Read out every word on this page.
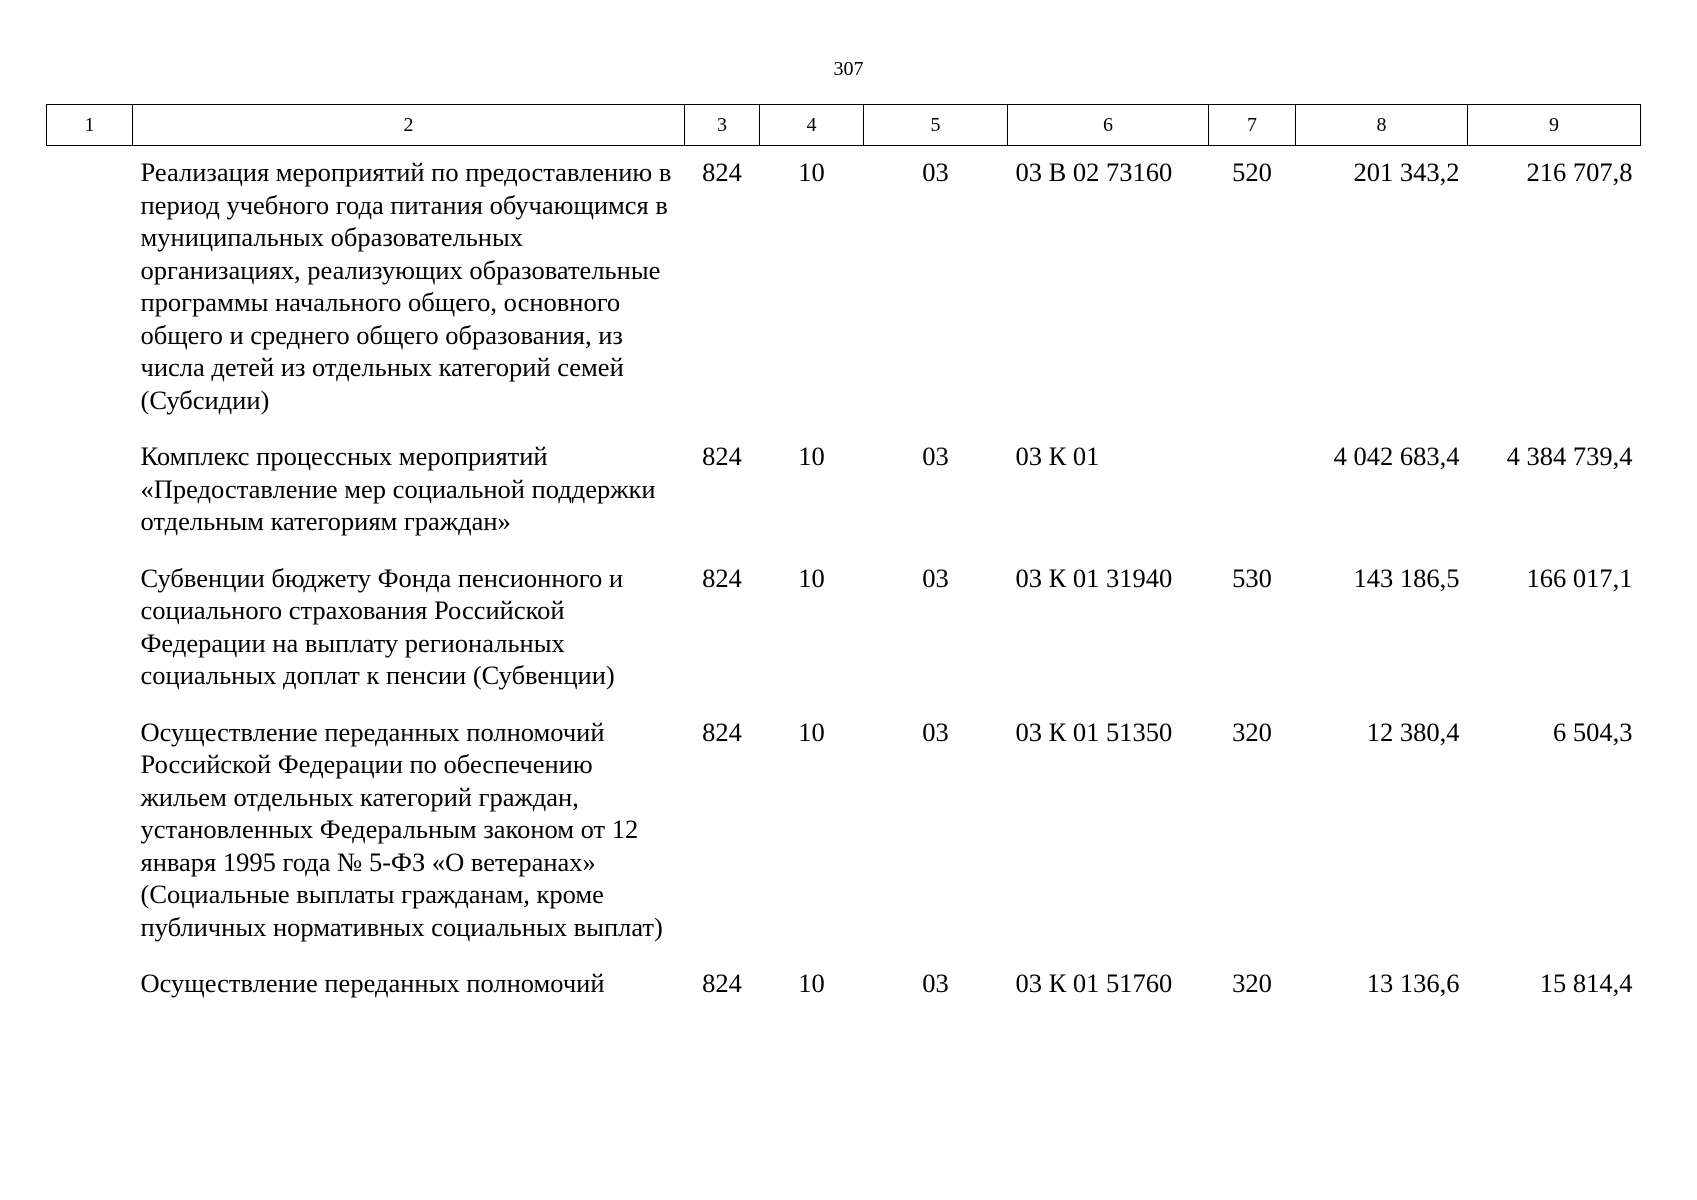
307
1	2	3	4	5	6	7	8	9
	Реализация мероприятий по предоставлению в период учебного года питания обучающимся в муниципальных образовательных организациях, реализующих образовательные программы начального общего, основного общего и среднего общего образования, из числа детей из отдельных категорий семей (Субсидии)	824	10	03	03 В 02 73160	520	201 343,2	216 707,8
	Комплекс процессных мероприятий «Предоставление мер социальной поддержки отдельным категориям граждан»	824	10	03	03 К 01		4 042 683,4	4 384 739,4
	Субвенции бюджету Фонда пенсионного и социального страхования Российской Федерации на выплату региональных социальных доплат к пенсии (Субвенции)	824	10	03	03 К 01 31940	530	143 186,5	166 017,1
	Осуществление переданных полномочий Российской Федерации по обеспечению жильем отдельных категорий граждан, установленных Федеральным законом от 12 января 1995 года № 5-ФЗ «О ветеранах» (Социальные выплаты гражданам, кроме публичных нормативных социальных выплат)	824	10	03	03 К 01 51350	320	12 380,4	6 504,3
	Осуществление переданных полномочий	824	10	03	03 К 01 51760	320	13 136,6	15 814,4
